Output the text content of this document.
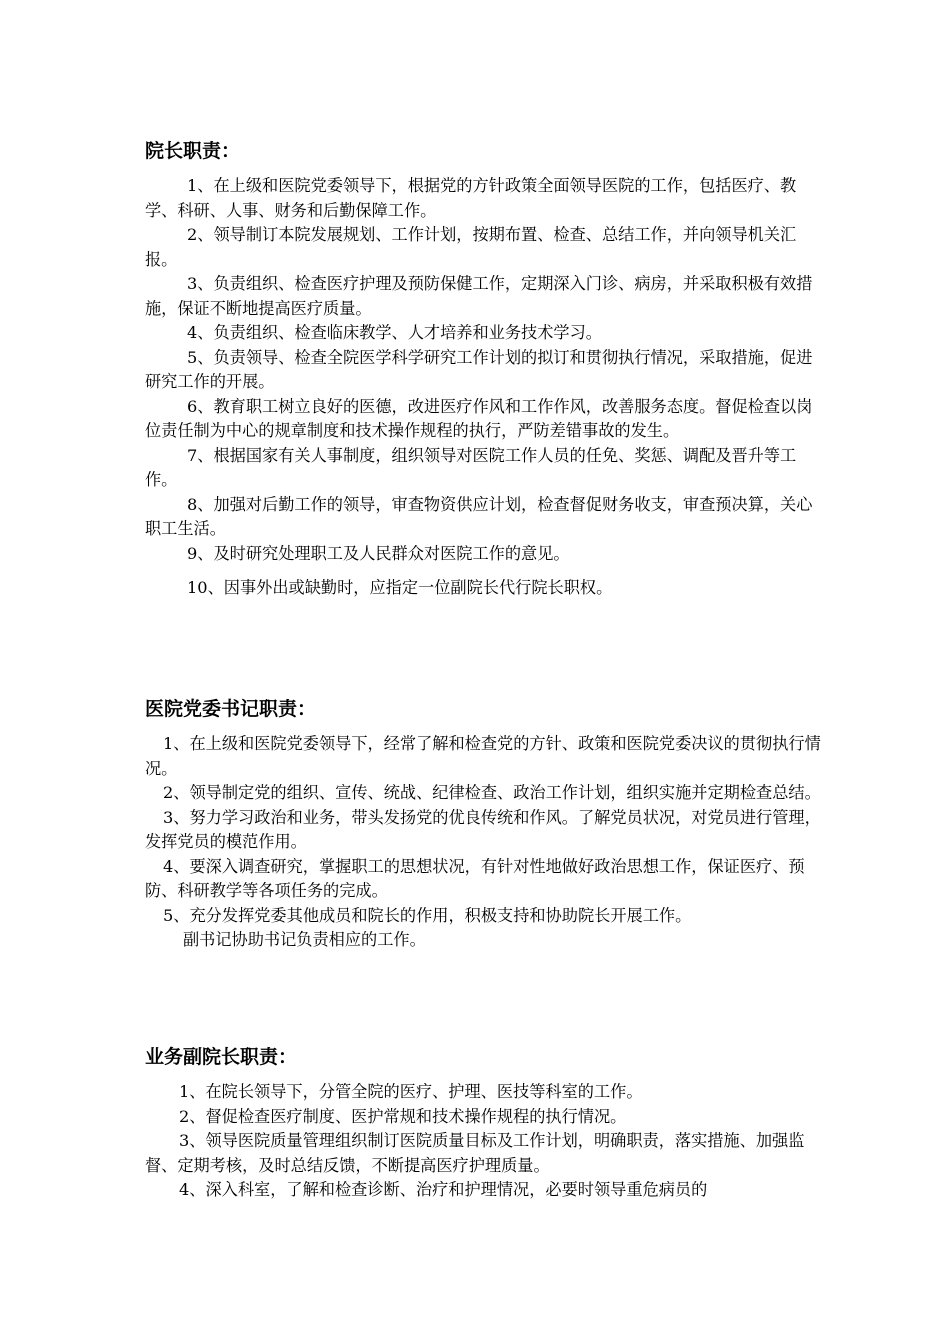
院长职责：

1、在上级和医院党委领导下，根据党的方针政策全面领导医院的工作，包括医疗、教学、科研、人事、财务和后勤保障工作。

2、领导制订本院发展规划、工作计划，按期布置、检查、总结工作，并向领导机关汇报。

3、负责组织、检查医疗护理及预防保健工作，定期深入门诊、病房，并采取积极有效措施，保证不断地提高医疗质量。

4、负责组织、检查临床教学、人才培养和业务技术学习。

5、负责领导、检查全院医学科学研究工作计划的拟订和贯彻执行情况，采取措施，促进研究工作的开展。

6、教育职工树立良好的医德，改进医疗作风和工作作风，改善服务态度。督促检查以岗位责任制为中心的规章制度和技术操作规程的执行，严防差错事故的发生。

7、根据国家有关人事制度，组织领导对医院工作人员的任免、奖惩、调配及晋升等工作。

8、加强对后勤工作的领导，审查物资供应计划，检查督促财务收支，审查预决算，关心职工生活。

9、及时研究处理职工及人民群众对医院工作的意见。

10、因事外出或缺勤时，应指定一位副院长代行院长职权。

医院党委书记职责：

1、在上级和医院党委领导下，经常了解和检查党的方针、政策和医院党委决议的贯彻执行情况。

2、领导制定党的组织、宣传、统战、纪律检查、政治工作计划，组织实施并定期检查总结。

3、努力学习政治和业务，带头发扬党的优良传统和作风。了解党员状况，对党员进行管理，发挥党员的模范作用。

4、要深入调查研究，掌握职工的思想状况，有针对性地做好政治思想工作，保证医疗、预防、科研教学等各项任务的完成。

5、充分发挥党委其他成员和院长的作用，积极支持和协助院长开展工作。

副书记协助书记负责相应的工作。

业务副院长职责：

1、在院长领导下，分管全院的医疗、护理、医技等科室的工作。

2、督促检查医疗制度、医护常规和技术操作规程的执行情况。

3、领导医院质量管理组织制订医院质量目标及工作计划，明确职责，落实措施、加强监督、定期考核，及时总结反馈，不断提高医疗护理质量。

4、深入科室，了解和检查诊断、治疗和护理情况，必要时领导重危病员的
